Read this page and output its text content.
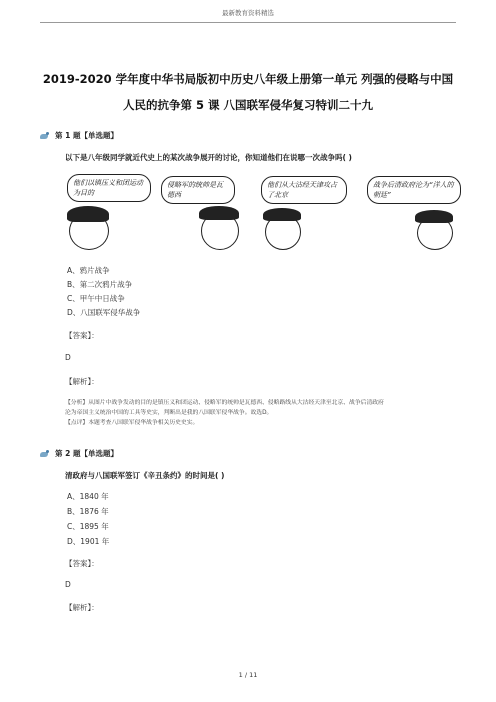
最新教育资料精选
2019-2020 学年度中华书局版初中历史八年级上册第一单元 列强的侵略与中国
人民的抗争第 5 课 八国联军侵华复习特训二十九
第 1 题【单选题】
以下是八年级同学就近代史上的某次战争展开的讨论，你知道他们在说哪一次战争吗( )
他们以镇压义和团运动为目的
侵略军的统帅是瓦德西
他们从大沽经天津攻占了北京
战争后清政府沦为“洋人的朝廷”
A、鸦片战争
B、第二次鸦片战争
C、甲午中日战争
D、八国联军侵华战争
【答案】：
D
【解析】：
【分析】从图片中战争发动的目的是镇压义和团运动、侵略军的统帅是瓦德西、侵略路线从大沽经天津至北京、战争后清政府
沦为帝国主义统治中国的工具等史实，判断出是我的八国联军侵华战争。故选D。
【点评】本题考查八国联军侵华战争相关历史史实。
第 2 题【单选题】
清政府与八国联军签订《辛丑条约》的时间是( )
A、1840 年
B、1876 年
C、1895 年
D、1901 年
【答案】：
D
【解析】：
1 / 11
